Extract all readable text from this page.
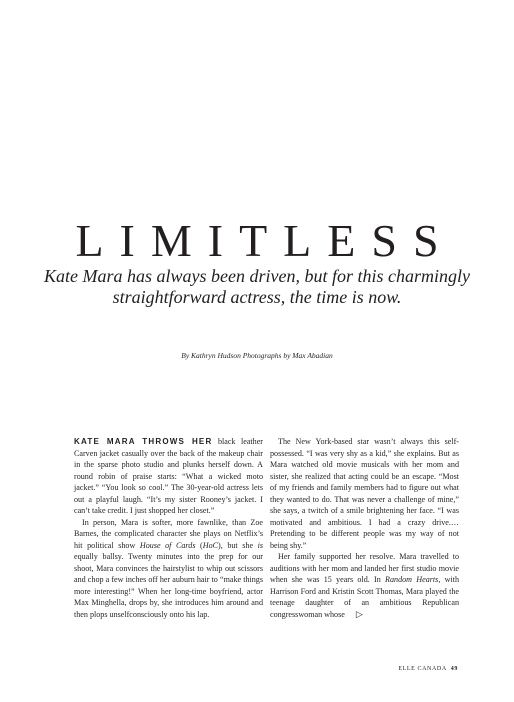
LIMITLESS

Kate Mara has always been driven, but for this charmingly straightforward actress, the time is now.

By Kathryn Hudson Photographs by Max Abadian

KATE MARA THROWS HER black leather Carven jacket casually over the back of the makeup chair in the sparse photo studio and plunks herself down. A round robin of praise starts: “What a wicked moto jacket.” “You look so cool.” The 30-year-old actress lets out a playful laugh. “It’s my sister Rooney’s jacket. I can’t take credit. I just shopped her closet.”

In person, Mara is softer, more fawnlike, than Zoe Barnes, the complicated character she plays on Netflix’s hit political show House of Cards (HoC), but she is equally ballsy. Twenty minutes into the prep for our shoot, Mara convinces the hairstylist to whip out scissors and chop a few inches off her auburn hair to “make things more interesting!” When her long-time boyfriend, actor Max Minghella, drops by, she introduces him around and then plops unselfconsciously onto his lap.

The New York-based star wasn’t always this self-possessed. “I was very shy as a kid,” she explains. But as Mara watched old movie musicals with her mom and sister, she realized that acting could be an escape. “Most of my friends and family members had to figure out what they wanted to do. That was never a challenge of mine,” she says, a twitch of a smile brightening her face. “I was motivated and ambitious. I had a crazy drive.… Pretending to be different people was my way of not being shy.”

Her family supported her resolve. Mara travelled to auditions with her mom and landed her first studio movie when she was 15 years old. In Random Hearts, with Harrison Ford and Kristin Scott Thomas, Mara played the teenage daughter of an ambitious Republican congresswoman whose ▷

ELLE CANADA 49
